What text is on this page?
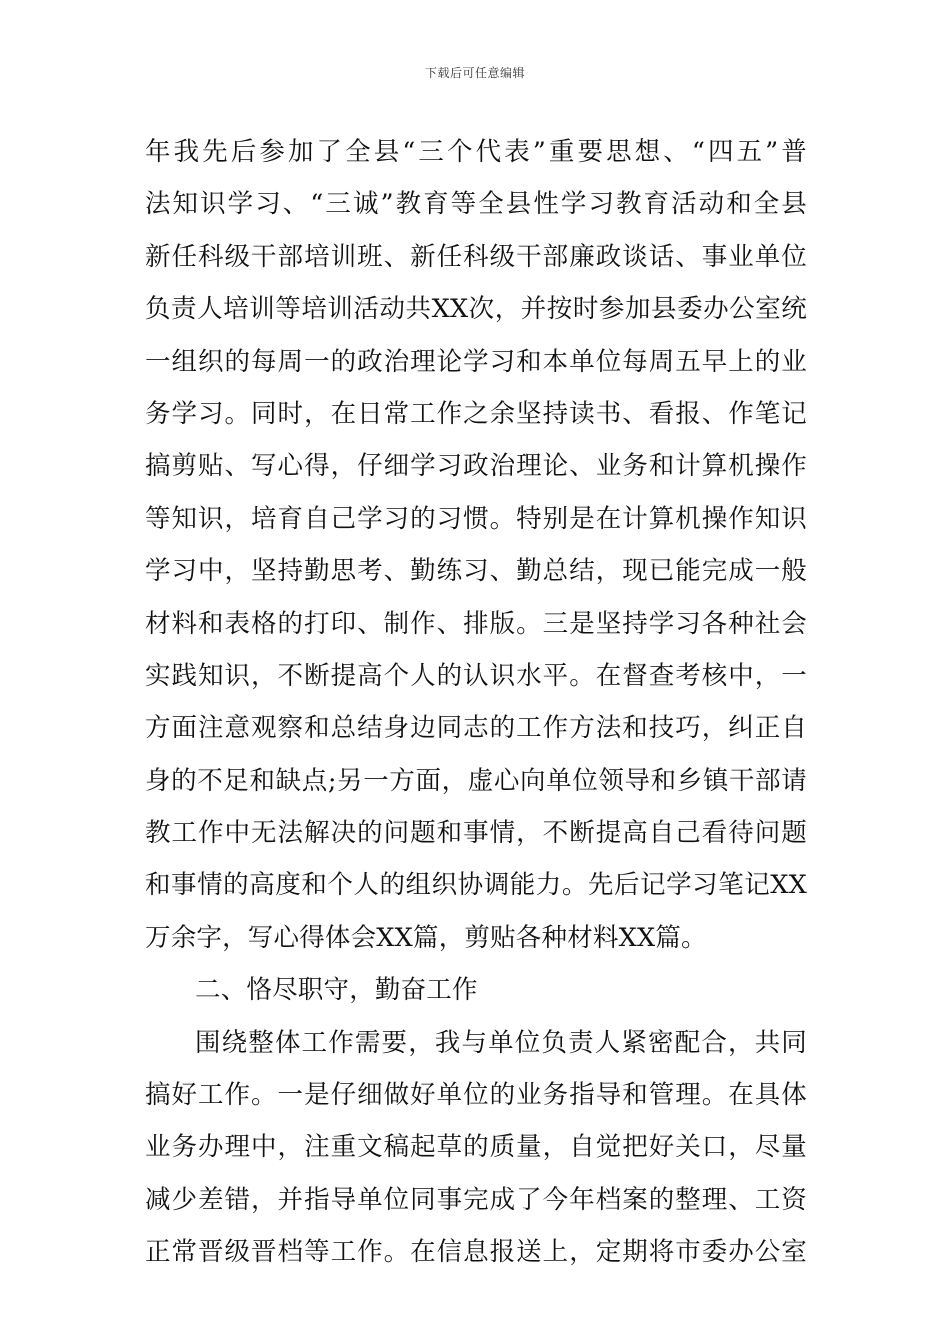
下载后可任意编辑
年我先后参加了全县“三个代表”重要思想、“四五”普
法知识学习、“三诚”教育等全县性学习教育活动和全县
新任科级干部培训班、新任科级干部廉政谈话、事业单位
负责人培训等培训活动共XX次，并按时参加县委办公室统
一组织的每周一的政治理论学习和本单位每周五早上的业
务学习。同时，在日常工作之余坚持读书、看报、作笔记
搞剪贴、写心得，仔细学习政治理论、业务和计算机操作
等知识，培育自己学习的习惯。特别是在计算机操作知识
学习中，坚持勤思考、勤练习、勤总结，现已能完成一般
材料和表格的打印、制作、排版。三是坚持学习各种社会
实践知识，不断提高个人的认识水平。在督查考核中，一
方面注意观察和总结身边同志的工作方法和技巧，纠正自
身的不足和缺点;另一方面，虚心向单位领导和乡镇干部请
教工作中无法解决的问题和事情，不断提高自己看待问题
和事情的高度和个人的组织协调能力。先后记学习笔记XX
万余字，写心得体会XX篇，剪贴各种材料XX篇。
二、恪尽职守，勤奋工作
围绕整体工作需要，我与单位负责人紧密配合，共同
搞好工作。一是仔细做好单位的业务指导和管理。在具体
业务办理中，注重文稿起草的质量，自觉把好关口，尽量
减少差错，并指导单位同事完成了今年档案的整理、工资
正常晋级晋档等工作。在信息报送上，定期将市委办公室
